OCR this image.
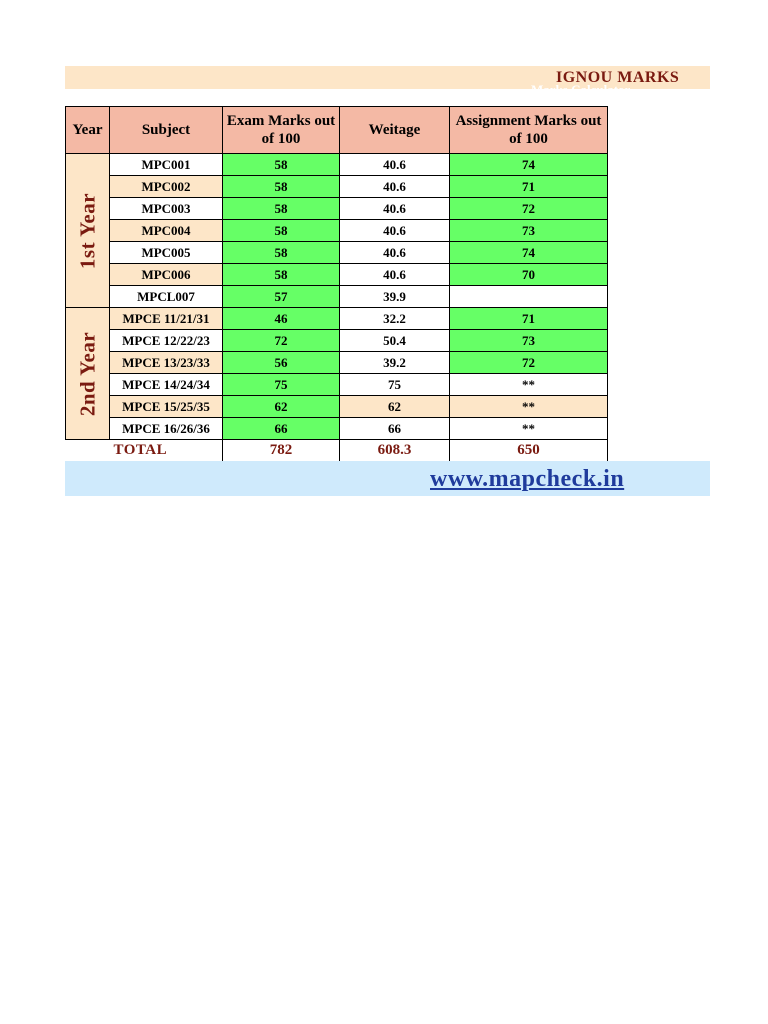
IGNOU MARKS
Marks Calculator
Year	Subject	Exam Marks out of 100	Weitage	Assignment Marks out of 100

1st Year	MPC001	58	40.6	74
	MPC002	58	40.6	71
	MPC003	58	40.6	72
	MPC004	58	40.6	73
	MPC005	58	40.6	74
	MPC006	58	40.6	70
	MPCL007	57	39.9	

2nd Year	MPCE 11/21/31	46	32.2	71
	MPCE 12/22/23	72	50.4	73
	MPCE 13/23/33	56	39.2	72
	MPCE 14/24/34	75	75	**
	MPCE 15/25/35	62	62	**
	MPCE 16/26/36	66	66	**
	TOTAL	782	608.3	650
www.mapcheck.in
